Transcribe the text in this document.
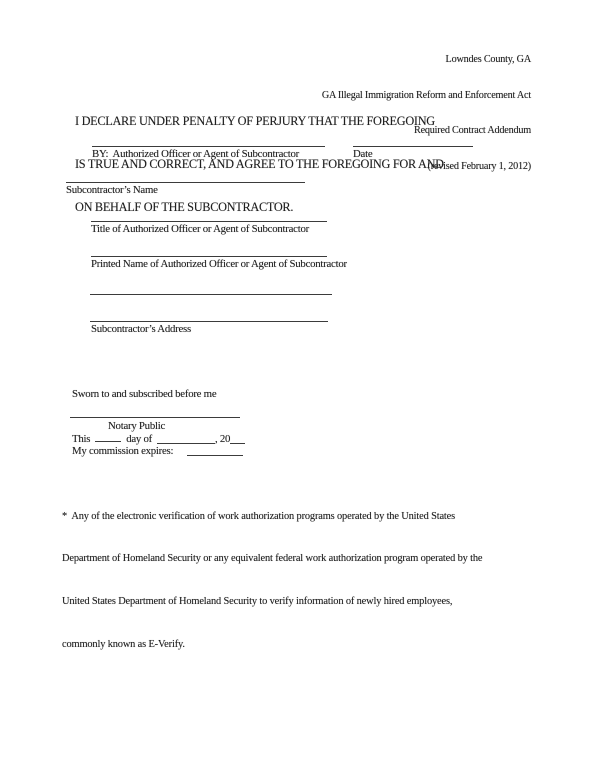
Lowndes County, GA

GA Illegal Immigration Reform and Enforcement Act

Required Contract Addendum

(revised February 1, 2012)

I DECLARE UNDER PENALTY OF PERJURY THAT THE FOREGOING

IS TRUE AND CORRECT, AND AGREE TO THE FOREGOING FOR AND

ON BEHALF OF THE SUBCONTRACTOR.

BY:  Authorized Officer or Agent of Subcontractor	Date
Subcontractor’s Name
Title of Authorized Officer or Agent of Subcontractor
Printed Name of Authorized Officer or Agent of Subcontractor
Subcontractor’s Address

Sworn to and subscribed before me

This	day of	, 20

Notary Public
My commission expires:

*  Any of the electronic verification of work authorization programs operated by the United States

Department of Homeland Security or any equivalent federal work authorization program operated by the

United States Department of Homeland Security to verify information of newly hired employees,

commonly known as E-Verify.
